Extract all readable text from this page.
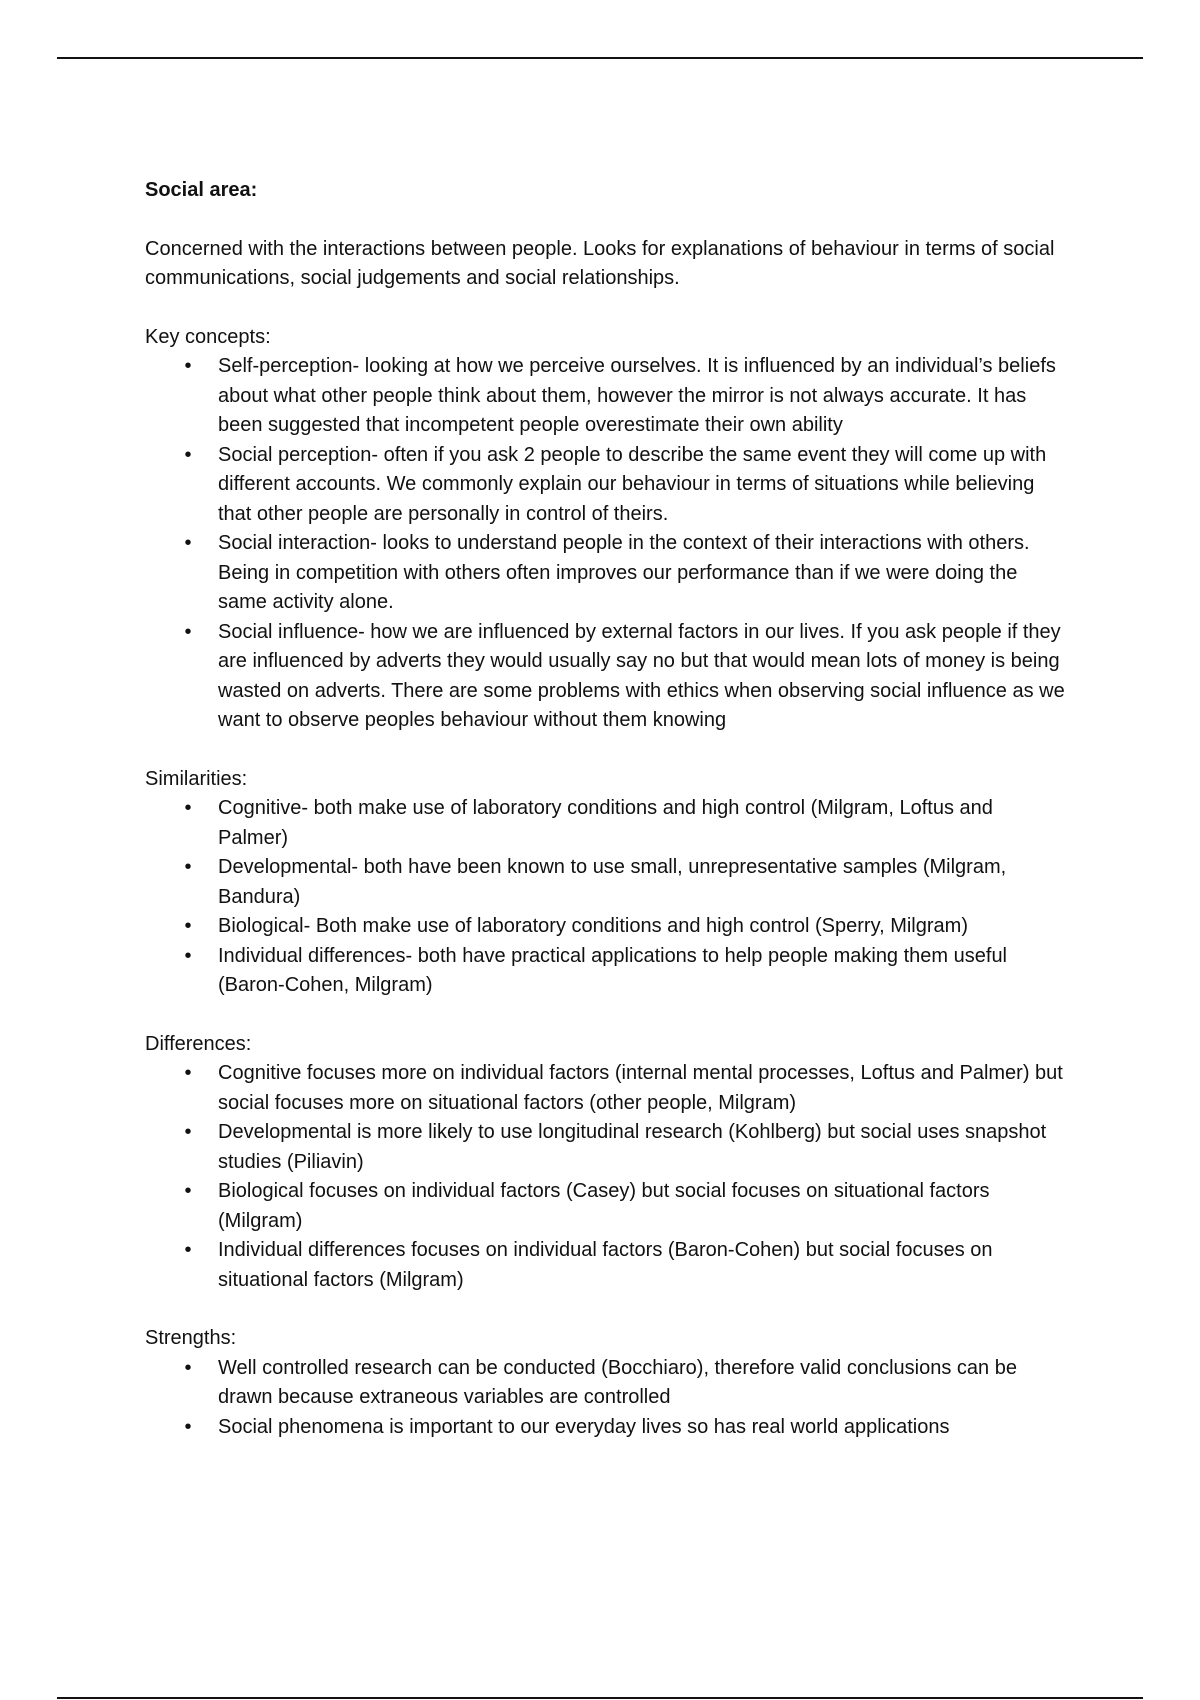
Social area:

Concerned with the interactions between people. Looks for explanations of behaviour in terms of social communications, social judgements and social relationships.

Key concepts:

• Self-perception- looking at how we perceive ourselves. It is influenced by an individual’s beliefs about what other people think about them, however the mirror is not always accurate. It has been suggested that incompetent people overestimate their own ability
• Social perception- often if you ask 2 people to describe the same event they will come up with different accounts. We commonly explain our behaviour in terms of situations while believing that other people are personally in control of theirs.
• Social interaction- looks to understand people in the context of their interactions with others. Being in competition with others often improves our performance than if we were doing the same activity alone.
• Social influence- how we are influenced by external factors in our lives. If you ask people if they are influenced by adverts they would usually say no but that would mean lots of money is being wasted on adverts. There are some problems with ethics when observing social influence as we want to observe peoples behaviour without them knowing

Similarities:

• Cognitive- both make use of laboratory conditions and high control (Milgram, Loftus and Palmer)
• Developmental- both have been known to use small, unrepresentative samples (Milgram, Bandura)
• Biological- Both make use of laboratory conditions and high control (Sperry, Milgram)
• Individual differences- both have practical applications to help people making them useful (Baron-Cohen, Milgram)

Differences:

• Cognitive focuses more on individual factors (internal mental processes, Loftus and Palmer) but social focuses more on situational factors (other people, Milgram)
• Developmental is more likely to use longitudinal research (Kohlberg) but social uses snapshot studies (Piliavin)
• Biological focuses on individual factors (Casey) but social focuses on situational factors (Milgram)
• Individual differences focuses on individual factors (Baron-Cohen) but social focuses on situational factors (Milgram)

Strengths:

• Well controlled research can be conducted (Bocchiaro), therefore valid conclusions can be drawn because extraneous variables are controlled
• Social phenomena is important to our everyday lives so has real world applications
